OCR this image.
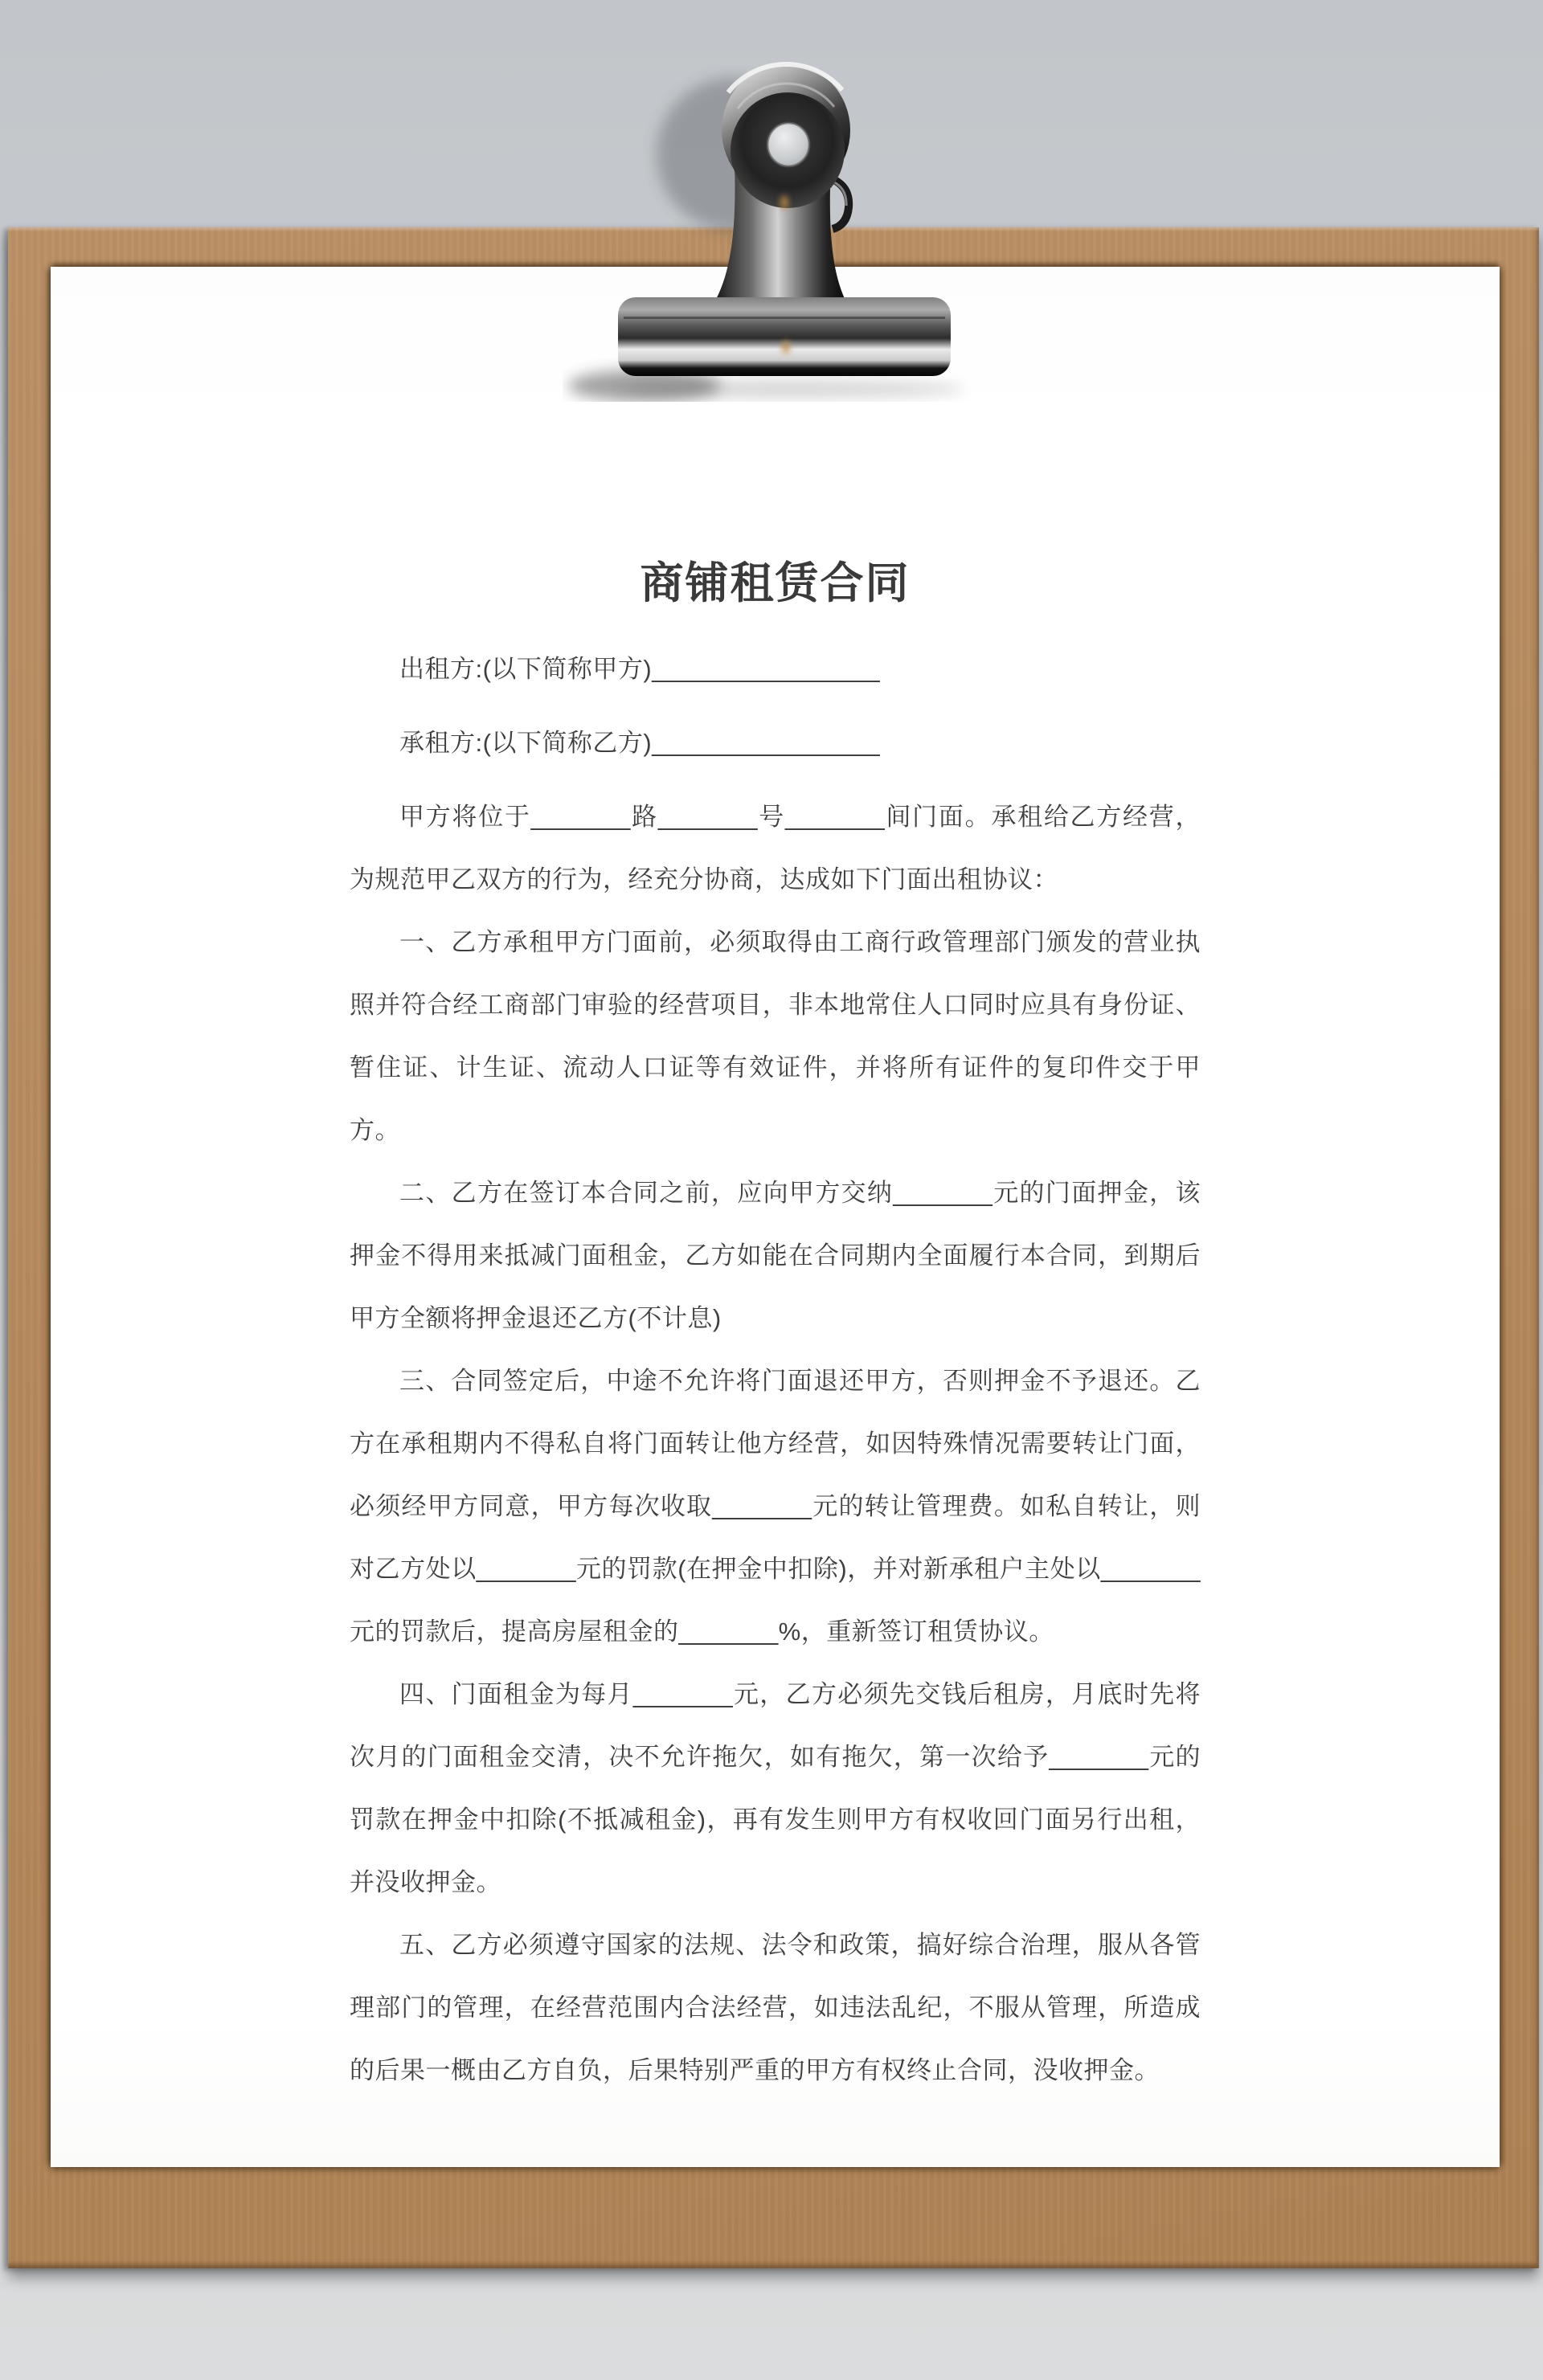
商铺租赁合同

出租方:(以下简称甲方)________________

承租方:(以下简称乙方)________________

甲方将位于_______路_______号_______间门面。承租给乙方经营，为规范甲乙双方的行为，经充分协商，达成如下门面出租协议：

一、乙方承租甲方门面前，必须取得由工商行政管理部门颁发的营业执照并符合经工商部门审验的经营项目，非本地常住人口同时应具有身份证、暂住证、计生证、流动人口证等有效证件，并将所有证件的复印件交于甲方。

二、乙方在签订本合同之前，应向甲方交纳_______元的门面押金，该押金不得用来抵减门面租金，乙方如能在合同期内全面履行本合同，到期后甲方全额将押金退还乙方(不计息)

三、合同签定后，中途不允许将门面退还甲方，否则押金不予退还。乙方在承租期内不得私自将门面转让他方经营，如因特殊情况需要转让门面，必须经甲方同意，甲方每次收取_______元的转让管理费。如私自转让，则对乙方处以_______元的罚款(在押金中扣除)，并对新承租户主处以_______元的罚款后，提高房屋租金的_______%，重新签订租赁协议。

四、门面租金为每月_______元，乙方必须先交钱后租房，月底时先将次月的门面租金交清，决不允许拖欠，如有拖欠，第一次给予_______元的罚款在押金中扣除(不抵减租金)，再有发生则甲方有权收回门面另行出租，并没收押金。

五、乙方必须遵守国家的法规、法令和政策，搞好综合治理，服从各管理部门的管理，在经营范围内合法经营，如违法乱纪，不服从管理，所造成的后果一概由乙方自负，后果特别严重的甲方有权终止合同，没收押金。
